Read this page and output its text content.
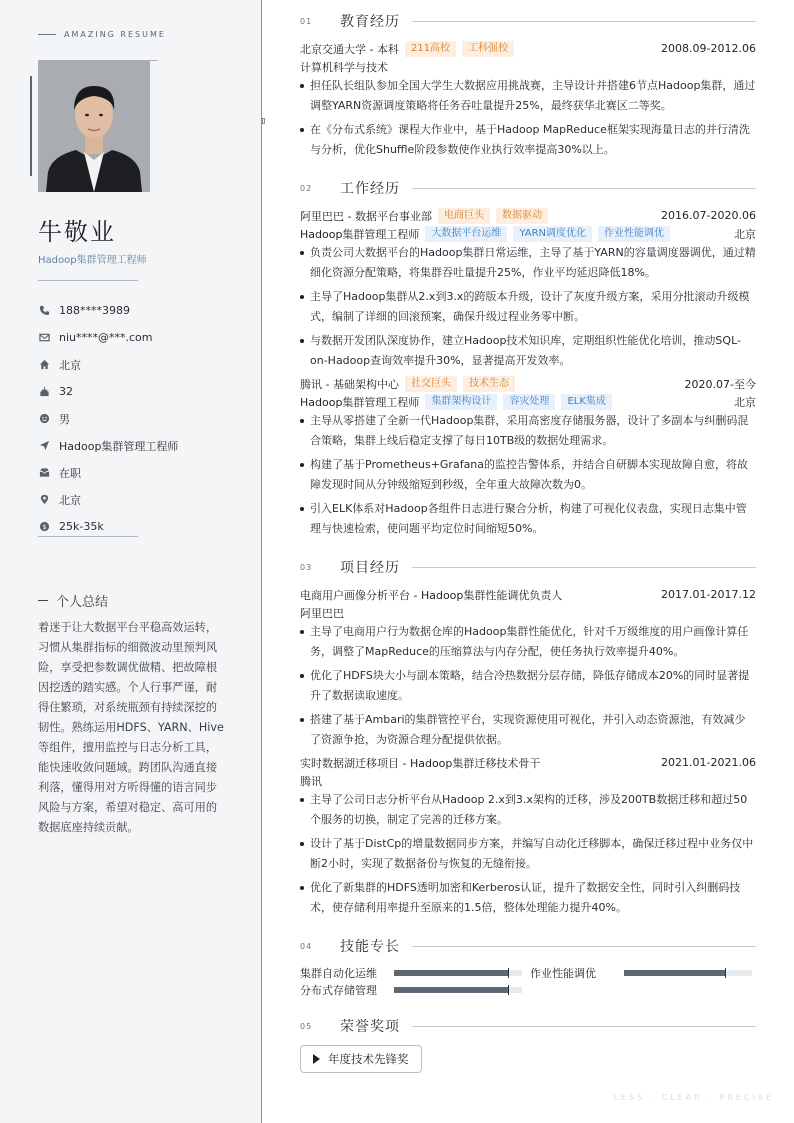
AMAZING RESUME
牛敬业
Hadoop集群管理工程师
188****3989
niu****@***.com
北京
32
男
Hadoop集群管理工程师
在职
北京
$ 25k-35k
个人总结
着迷于让大数据平台平稳高效运转，习惯从集群指标的细微波动里预判风险，享受把参数调优做精、把故障根因挖透的踏实感。个人行事严谨，耐得住繁琐，对系统瓶颈有持续深挖的韧性。熟练运用HDFS、YARN、Hive等组件，擅用监控与日志分析工具，能快速收敛问题域。跨团队沟通直接利落，懂得用对方听得懂的语言同步风险与方案，希望对稳定、高可用的数据底座持续贡献。
01	教育经历
北京交通大学 - 本科	211高校	工科强校	2008.09-2012.06
计算机科学与技术
担任队长组队参加全国大学生大数据应用挑战赛，主导设计并搭建6节点Hadoop集群，通过调整YARN资源调度策略将任务吞吐量提升25%，最终获华北赛区二等奖。
在《分布式系统》课程大作业中，基于Hadoop MapReduce框架实现海量日志的并行清洗与分析，优化Shuffle阶段参数使作业执行效率提高30%以上。
02	工作经历
阿里巴巴 - 数据平台事业部	电商巨头	数据驱动	2016.07-2020.06
Hadoop集群管理工程师	大数据平台运维	YARN调度优化	作业性能调优	北京
负责公司大数据平台的Hadoop集群日常运维，主导了基于YARN的容量调度器调优，通过精细化资源分配策略，将集群吞吐量提升25%，作业平均延迟降低18%。
主导了Hadoop集群从2.x到3.x的跨版本升级，设计了灰度升级方案，采用分批滚动升级模式，编制了详细的回滚预案，确保升级过程业务零中断。
与数据开发团队深度协作，建立Hadoop技术知识库，定期组织性能优化培训，推动SQL-on-Hadoop查询效率提升30%，显著提高开发效率。
腾讯 - 基础架构中心	社交巨头	技术生态	2020.07-至今
Hadoop集群管理工程师	集群架构设计	容灾处理	ELK集成	北京
主导从零搭建了全新一代Hadoop集群，采用高密度存储服务器，设计了多副本与纠删码混合策略，集群上线后稳定支撑了每日10TB级的数据处理需求。
构建了基于Prometheus+Grafana的监控告警体系，并结合自研脚本实现故障自愈，将故障发现时间从分钟级缩短到秒级，全年重大故障次数为0。
引入ELK体系对Hadoop各组件日志进行聚合分析，构建了可视化仪表盘，实现日志集中管理与快速检索，使问题平均定位时间缩短50%。
03	项目经历
电商用户画像分析平台 - Hadoop集群性能调优负责人	2017.01-2017.12
阿里巴巴
主导了电商用户行为数据仓库的Hadoop集群性能优化，针对千万级维度的用户画像计算任务，调整了MapReduce的压缩算法与内存分配，使任务执行效率提升40%。
优化了HDFS块大小与副本策略，结合冷热数据分层存储，降低存储成本20%的同时显著提升了数据读取速度。
搭建了基于Ambari的集群管控平台，实现资源使用可视化，并引入动态资源池，有效减少了资源争抢，为资源合理分配提供依据。
实时数据湖迁移项目 - Hadoop集群迁移技术骨干	2021.01-2021.06
腾讯
主导了公司日志分析平台从Hadoop 2.x到3.x架构的迁移，涉及200TB数据迁移和超过50个服务的切换，制定了完善的迁移方案。
设计了基于DistCp的增量数据同步方案，并编写自动化迁移脚本，确保迁移过程中业务仅中断2小时，实现了数据备份与恢复的无缝衔接。
优化了新集群的HDFS透明加密和Kerberos认证，提升了数据安全性，同时引入纠删码技术，使存储利用率提升至原来的1.5倍，整体处理能力提升40%。
04	技能专长
集群自动化运维	作业性能调优
分布式存储管理
05	荣誉奖项
年度技术先锋奖
LESS · CLEAR · PRECISE
